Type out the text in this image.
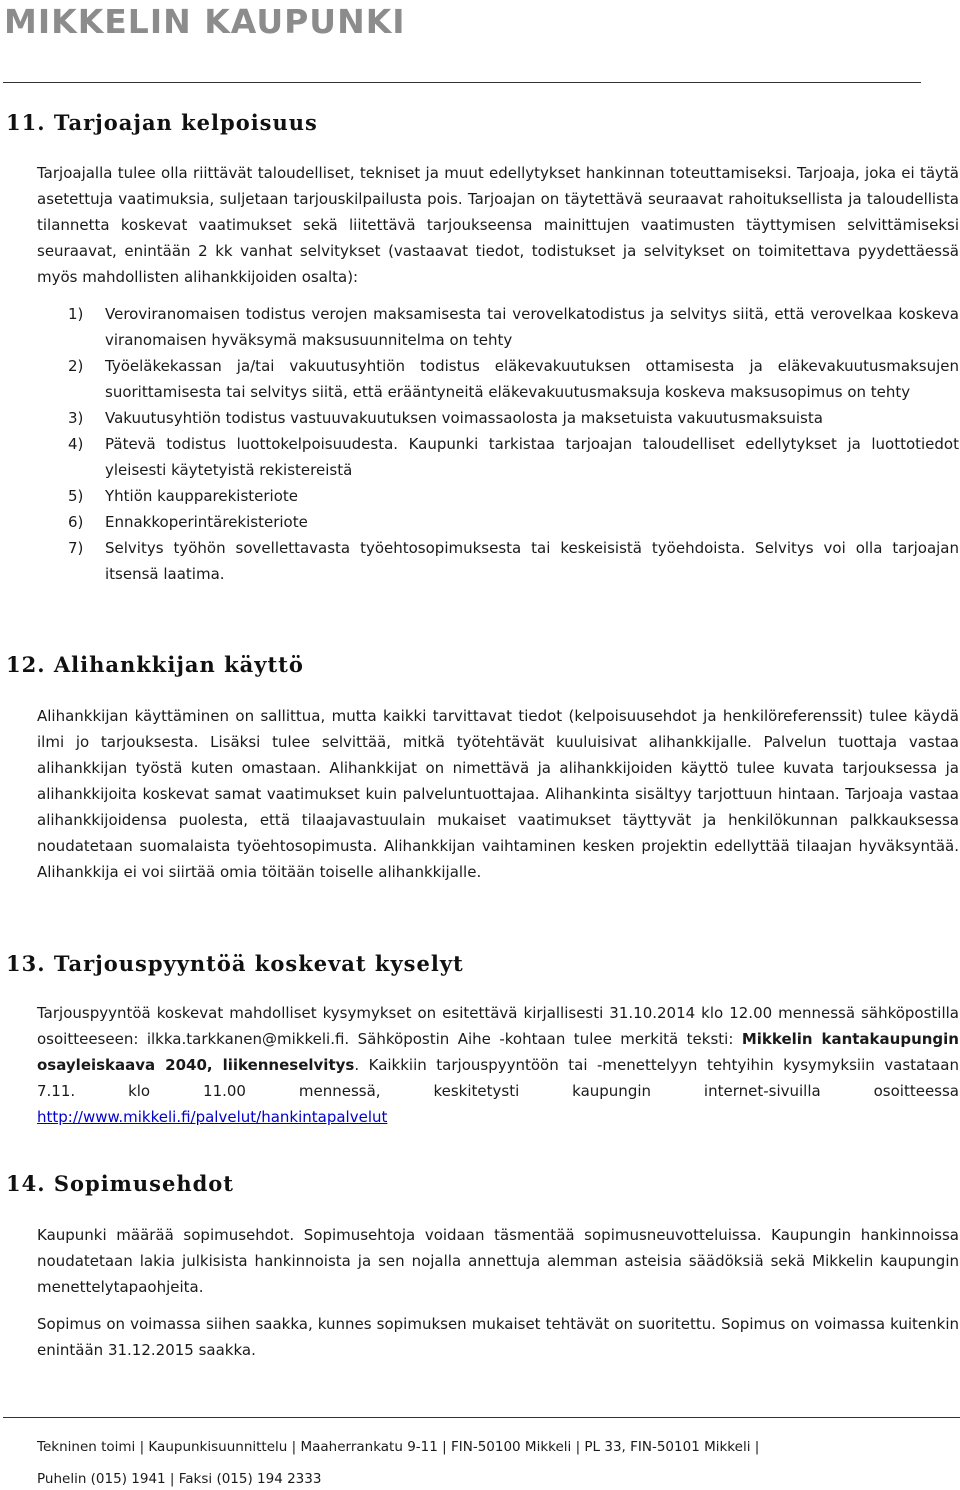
MIKKELIN KAUPUNKI
11. Tarjoajan kelpoisuus

Tarjoajalla tulee olla riittävät taloudelliset, tekniset ja muut edellytykset hankinnan toteuttamiseksi. Tarjoaja, joka ei täytä asetettuja vaatimuksia, suljetaan tarjouskilpailusta pois. Tarjoajan on täytettävä seuraavat rahoituksellista ja taloudellista tilannetta koskevat vaatimukset sekä liitettävä tarjoukseensa mainittujen vaatimusten täyttymisen selvittämiseksi seuraavat, enintään 2 kk vanhat selvitykset (vastaavat tiedot, todistukset ja selvitykset on toimitettava pyydettäessä myös mahdollisten alihankkijoiden osalta):

1) Veroviranomaisen todistus verojen maksamisesta tai verovelkatodistus ja selvitys siitä, että verovelkaa koskeva viranomaisen hyväksymä maksusuunnitelma on tehty
2) Työeläkekassan ja/tai vakuutusyhtiön todistus eläkevakuutuksen ottamisesta ja eläkevakuutusmaksujen suorittamisesta tai selvitys siitä, että erääntyneitä eläkevakuutusmaksuja koskeva maksusopimus on tehty
3) Vakuutusyhtiön todistus vastuuvakuutuksen voimassaolosta ja maksetuista vakuutusmaksuista
4) Pätevä todistus luottokelpoisuudesta. Kaupunki tarkistaa tarjoajan taloudelliset edellytykset ja luottotiedot yleisesti käytetyistä rekistereistä
5) Yhtiön kaupparekisteriote
6) Ennakkoperintärekisteriote
7) Selvitys työhön sovellettavasta työehtosopimuksesta tai keskeisistä työehdoista. Selvitys voi olla tarjoajan itsensä laatima.
12. Alihankkijan käyttö

Alihankkijan käyttäminen on sallittua, mutta kaikki tarvittavat tiedot (kelpoisuusehdot ja henkilöreferenssit) tulee käydä ilmi jo tarjouksesta. Lisäksi tulee selvittää, mitkä työtehtävät kuuluisivat alihankkijalle. Palvelun tuottaja vastaa alihankkijan työstä kuten omastaan. Alihankkijat on nimettävä ja alihankkijoiden käyttö tulee kuvata tarjouksessa ja alihankkijoita koskevat samat vaatimukset kuin palveluntuottajaa. Alihankinta sisältyy tarjottuun hintaan. Tarjoaja vastaa alihankkijoidensa puolesta, että tilaajavastuulain mukaiset vaatimukset täyttyvät ja henkilökunnan palkkauksessa noudatetaan suomalaista työehtosopimusta. Alihankkijan vaihtaminen kesken projektin edellyttää tilaajan hyväksyntää. Alihankkija ei voi siirtää omia töitään toiselle alihankkijalle.

13. Tarjouspyyntöä koskevat kyselyt

Tarjouspyyntöä koskevat mahdolliset kysymykset on esitettävä kirjallisesti 31.10.2014 klo 12.00 mennessä sähköpostilla osoitteeseen: ilkka.tarkkanen@mikkeli.fi. Sähköpostin Aihe -kohtaan tulee merkitä teksti: Mikkelin kantakaupungin osayleiskaava 2040, liikenneselvitys. Kaikkiin tarjouspyyntöön tai -menettelyyn tehtyihin kysymyksiin vastataan 7.11. klo 11.00 mennessä, keskitetysti kaupungin internet-sivuilla osoitteessa http://www.mikkeli.fi/palvelut/hankintapalvelut

14. Sopimusehdot

Kaupunki määrää sopimusehdot. Sopimusehtoja voidaan täsmentää sopimusneuvotteluissa. Kaupungin hankinnoissa noudatetaan lakia julkisista hankinnoista ja sen nojalla annettuja alemman asteisia säädöksiä sekä Mikkelin kaupungin menettelytapaohjeita.

Sopimus on voimassa siihen saakka, kunnes sopimuksen mukaiset tehtävät on suoritettu. Sopimus on voimassa kuitenkin enintään 31.12.2015 saakka.

Tekninen toimi | Kaupunkisuunnittelu | Maaherrankatu 9-11 | FIN-50100 Mikkeli | PL 33, FIN-50101 Mikkeli |
Puhelin (015) 1941 | Faksi (015) 194 2333
